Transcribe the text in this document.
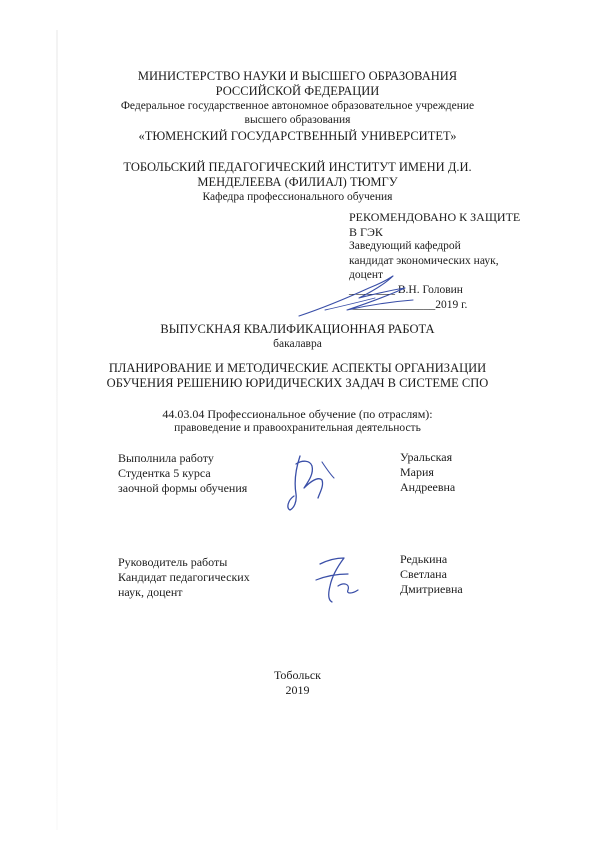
МИНИСТЕРСТВО НАУКИ И ВЫСШЕГО ОБРАЗОВАНИЯ
РОССИЙСКОЙ ФЕДЕРАЦИИ
Федеральное государственное автономное образовательное учреждение
высшего образования
«ТЮМЕНСКИЙ ГОСУДАРСТВЕННЫЙ УНИВЕРСИТЕТ»
ТОБОЛЬСКИЙ ПЕДАГОГИЧЕСКИЙ ИНСТИТУТ ИМЕНИ Д.И.
МЕНДЕЛЕЕВА (ФИЛИАЛ) ТЮМГУ
Кафедра профессионального обучения
РЕКОМЕНДОВАНО К ЗАЩИТЕ
В ГЭК
Заведующий кафедрой
кандидат экономических наук,
доцент
________ В.Н. Головин
_______________2019 г.
ВЫПУСКНАЯ КВАЛИФИКАЦИОННАЯ РАБОТА
бакалавра
ПЛАНИРОВАНИЕ И МЕТОДИЧЕСКИЕ АСПЕКТЫ ОРГАНИЗАЦИИ
ОБУЧЕНИЯ РЕШЕНИЮ ЮРИДИЧЕСКИХ ЗАДАЧ В СИСТЕМЕ СПО
44.03.04 Профессиональное обучение (по отраслям):
правоведение и правоохранительная деятельность
Выполнила работу
Студентка 5 курса
заочной формы обучения
Уральская
Мария
Андреевна
Руководитель работы
Кандидат педагогических
наук, доцент
Редькина
Светлана
Дмитриевна
Тобольск
2019
